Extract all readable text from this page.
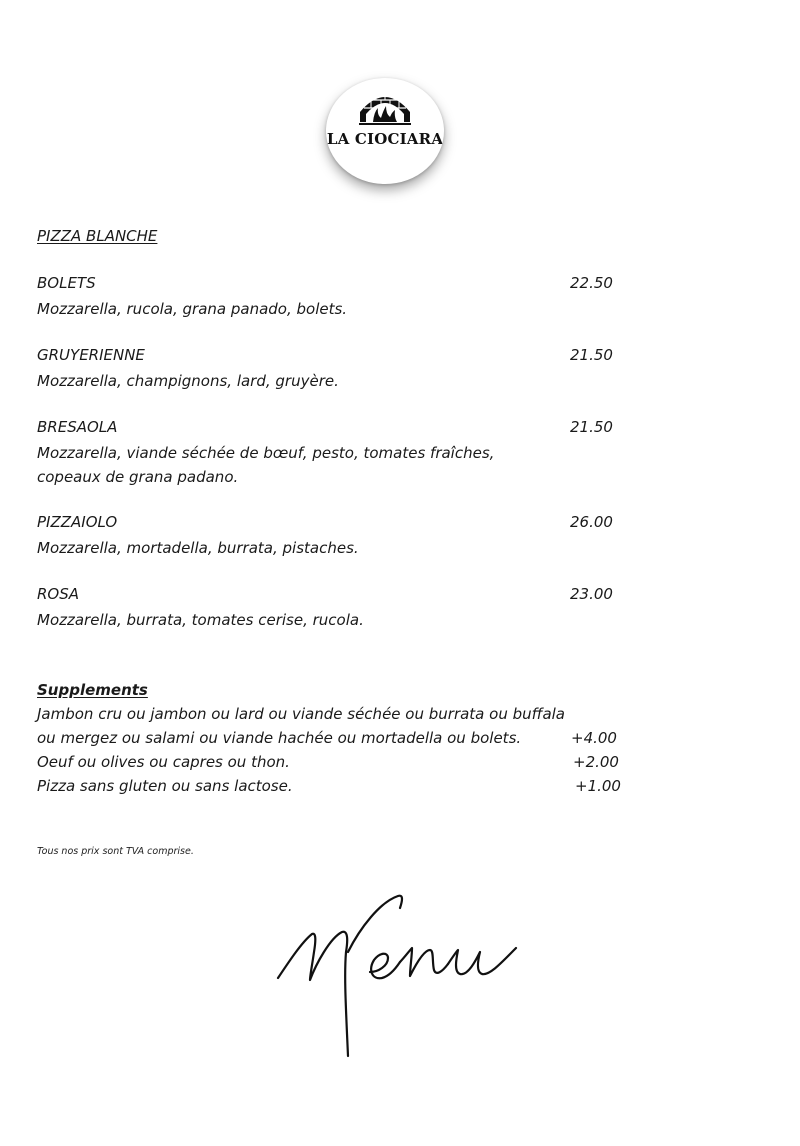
LA CIOCIARA
PIZZA BLANCHE
BOLETS	22.50
Mozzarella, rucola, grana panado, bolets.
GRUYERIENNE	21.50
Mozzarella, champignons, lard, gruyère.
BRESAOLA	21.50
Mozzarella, viande séchée de bœuf, pesto, tomates fraîches,
copeaux de grana padano.
PIZZAIOLO	26.00
Mozzarella, mortadella, burrata, pistaches.
ROSA	23.00
Mozzarella, burrata, tomates cerise, rucola.
Supplements
Jambon cru ou jambon ou lard ou viande séchée ou burrata ou buffala
ou mergez ou salami ou viande hachée ou mortadella ou bolets.	+4.00
Oeuf ou olives ou capres ou thon.	+2.00
Pizza sans gluten ou sans lactose.	+1.00
Tous nos prix sont TVA comprise.
